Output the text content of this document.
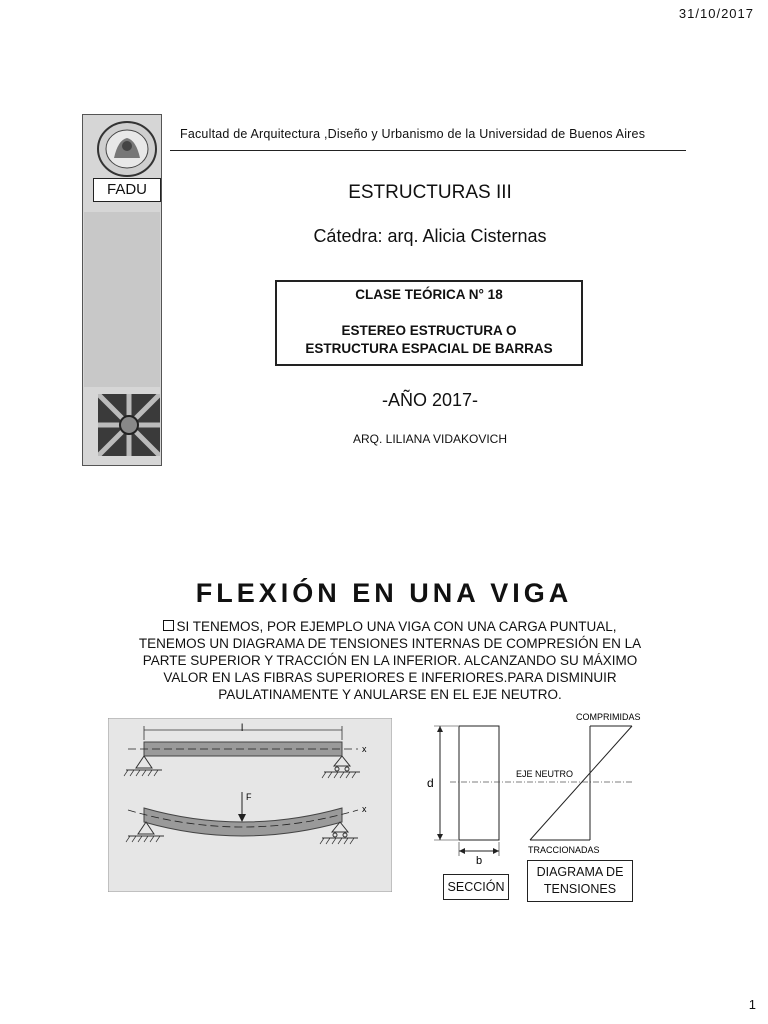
31/10/2017
FADU
Facultad de Arquitectura ,Diseño y Urbanismo de la Universidad de Buenos Aires
ESTRUCTURAS III
Cátedra: arq. Alicia Cisternas
CLASE TEÓRICA N° 18
ESTEREO ESTRUCTURA O
ESTRUCTURA ESPACIAL DE BARRAS
-AÑO 2017-
ARQ. LILIANA VIDAKOVICH
FLEXIÓN EN UNA VIGA
SI TENEMOS, POR EJEMPLO UNA VIGA CON UNA CARGA PUNTUAL, TENEMOS UN DIAGRAMA DE TENSIONES INTERNAS DE COMPRESIÓN EN LA PARTE SUPERIOR Y TRACCIÓN EN LA INFERIOR. ALCANZANDO SU MÁXIMO VALOR EN LAS FIBRAS SUPERIORES E INFERIORES.PARA DISMINUIR PAULATINAMENTE Y ANULARSE EN EL EJE NEUTRO.
l
x
F
x
d
b
COMPRIMIDAS
EJE NEUTRO
TRACCIONADAS
SECCIÓN
DIAGRAMA DE TENSIONES
1
